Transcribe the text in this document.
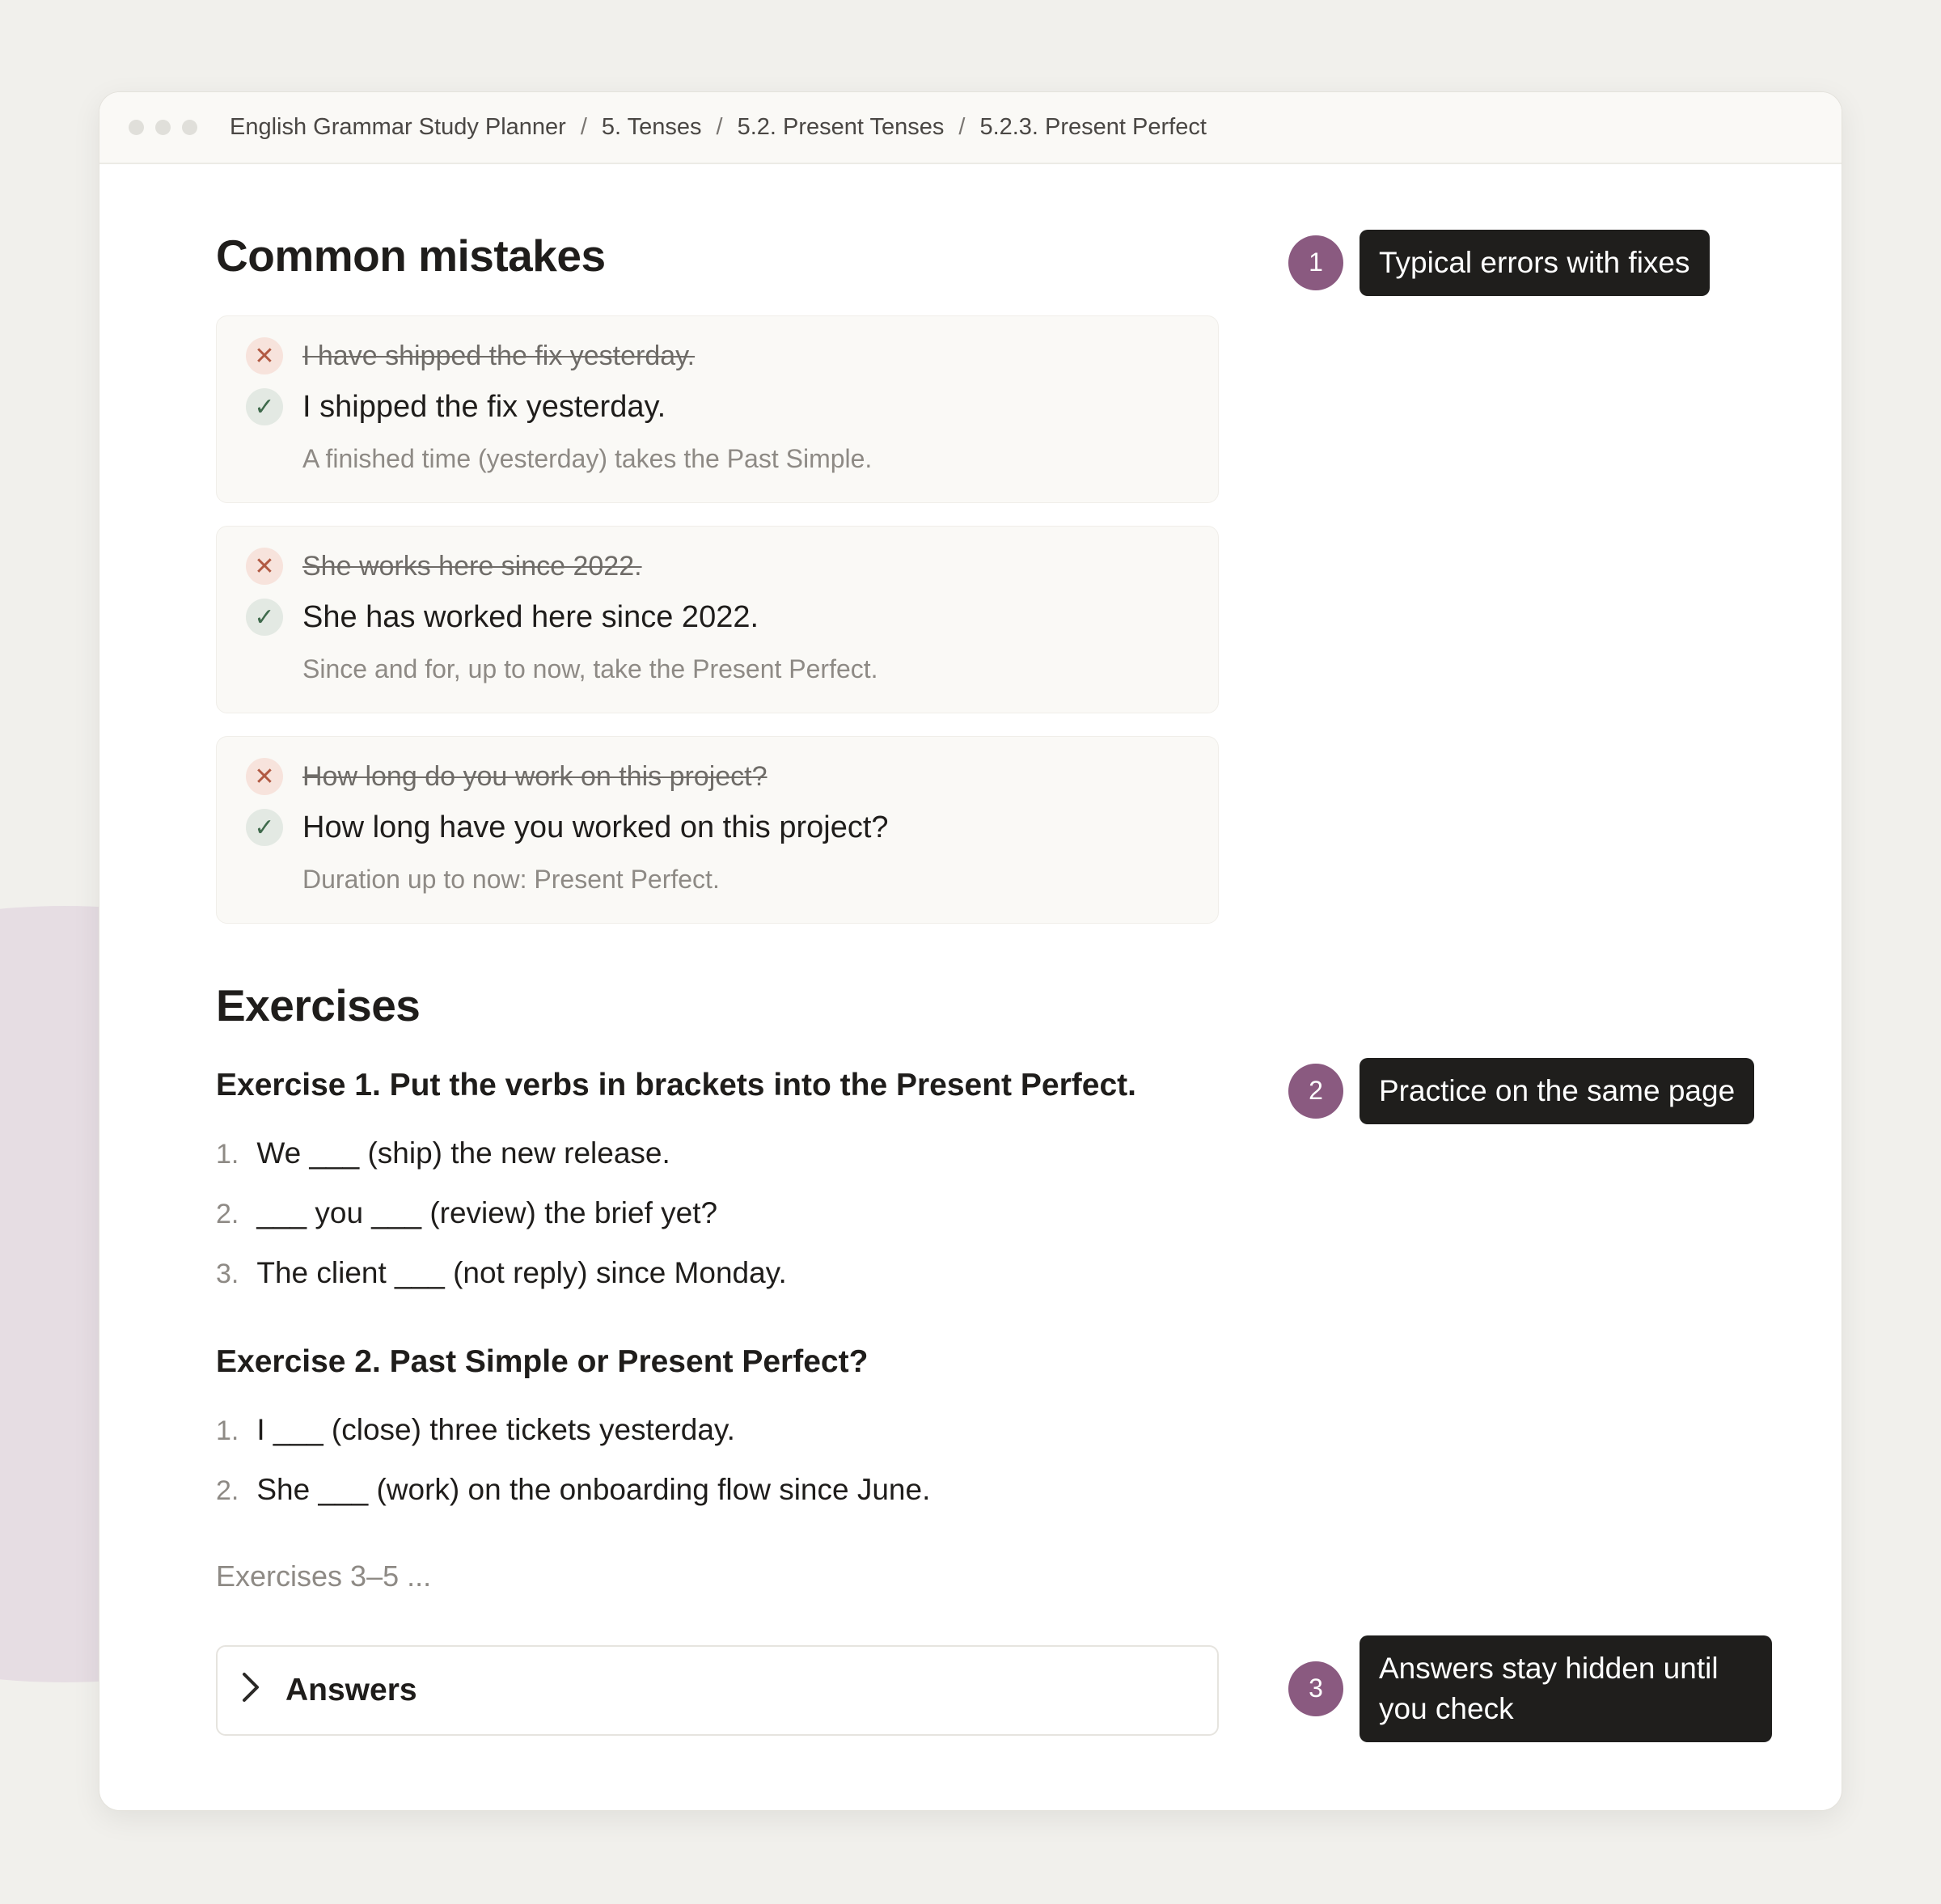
English Grammar Study Planner / 5. Tenses / 5.2. Present Tenses / 5.2.3. Present Perfect
Common mistakes
✕	I have shipped the fix yesterday.
✓ I shipped the fix yesterday.
A finished time (yesterday) takes the Past Simple.
✕	She works here since 2022.
✓ She has worked here since 2022.
Since and for, up to now, take the Present Perfect.
✕	How long do you work on this project?
✓ How long have you worked on this project?
Duration up to now: Present Perfect.
Exercises
Exercise 1. Put the verbs in brackets into the Present Perfect.
1. We ___ (ship) the new release.
2. ___ you ___ (review) the brief yet?
3. The client ___ (not reply) since Monday.
Exercise 2. Past Simple or Present Perfect?
1. I ___ (close) three tickets yesterday.
2. She ___ (work) on the onboarding flow since June.
Exercises 3–5 ...
Answers
1	Typical errors with fixes
2	Practice on the same page
3
Answers stay hidden until you check
